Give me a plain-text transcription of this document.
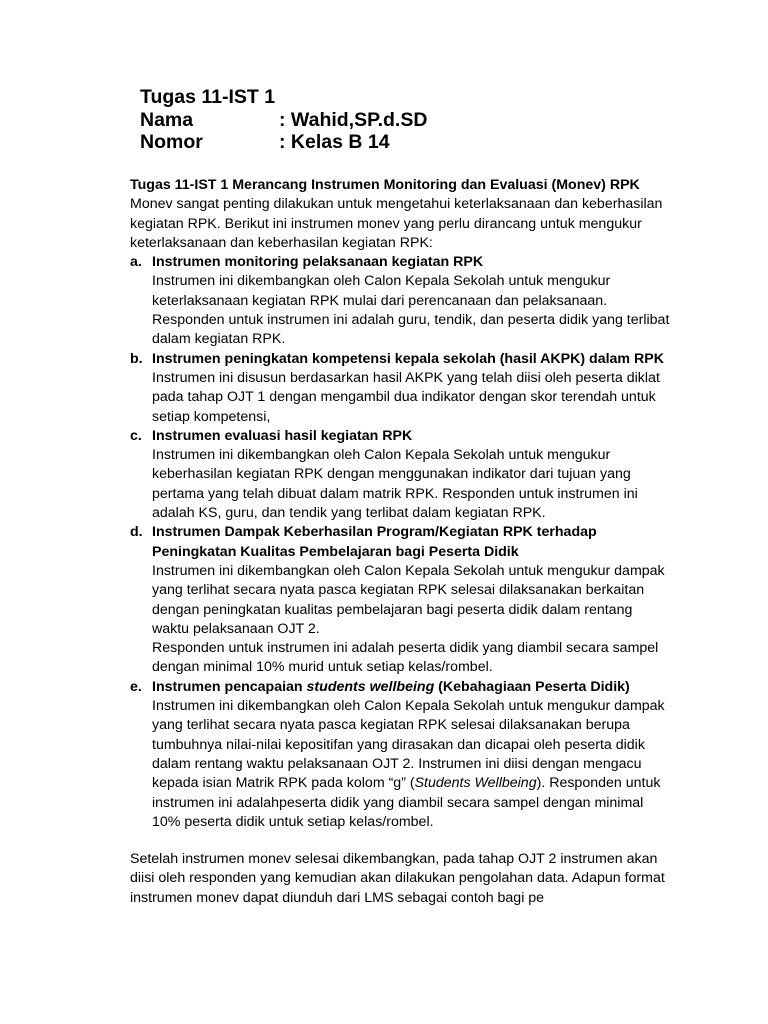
Tugas 11-IST 1
Nama	: Wahid,SP.d.SD
Nomor	: Kelas B 14

Tugas 11-IST 1 Merancang Instrumen Monitoring dan Evaluasi (Monev) RPK

Monev sangat penting dilakukan untuk mengetahui keterlaksanaan dan keberhasilan kegiatan RPK. Berikut ini instrumen monev yang perlu dirancang untuk mengukur keterlaksanaan dan keberhasilan kegiatan RPK:

a. Instrumen monitoring pelaksanaan kegiatan RPK
Instrumen ini dikembangkan oleh Calon Kepala Sekolah untuk mengukur keterlaksanaan kegiatan RPK mulai dari perencanaan dan pelaksanaan. Responden untuk instrumen ini adalah guru, tendik, dan peserta didik yang terlibat dalam kegiatan RPK.
b. Instrumen peningkatan kompetensi kepala sekolah (hasil AKPK) dalam RPK
Instrumen ini disusun berdasarkan hasil AKPK yang telah diisi oleh peserta diklat pada tahap OJT 1 dengan mengambil dua indikator dengan skor terendah untuk setiap kompetensi,
c. Instrumen evaluasi hasil kegiatan RPK
Instrumen ini dikembangkan oleh Calon Kepala Sekolah untuk mengukur keberhasilan kegiatan RPK dengan menggunakan indikator dari tujuan yang pertama yang telah dibuat dalam matrik RPK. Responden untuk instrumen ini adalah KS, guru, dan tendik yang terlibat dalam kegiatan RPK.
d. Instrumen Dampak Keberhasilan Program/Kegiatan RPK terhadap Peningkatan Kualitas Pembelajaran bagi Peserta Didik
Instrumen ini dikembangkan oleh Calon Kepala Sekolah untuk mengukur dampak yang terlihat secara nyata pasca kegiatan RPK selesai dilaksanakan berkaitan dengan peningkatan kualitas pembelajaran bagi peserta didik dalam rentang waktu pelaksanaan OJT 2.
Responden untuk instrumen ini adalah peserta didik yang diambil secara sampel dengan minimal 10% murid untuk setiap kelas/rombel.
e. Instrumen pencapaian students wellbeing (Kebahagiaan Peserta Didik)
Instrumen ini dikembangkan oleh Calon Kepala Sekolah untuk mengukur dampak yang terlihat secara nyata pasca kegiatan RPK selesai dilaksanakan berupa tumbuhnya nilai-nilai kepositifan yang dirasakan dan dicapai oleh peserta didik dalam rentang waktu pelaksanaan OJT 2. Instrumen ini diisi dengan mengacu kepada isian Matrik RPK pada kolom “g” (Students Wellbeing). Responden untuk instrumen ini adalahpeserta didik yang diambil secara sampel dengan minimal 10% peserta didik untuk setiap kelas/rombel.

Setelah instrumen monev selesai dikembangkan, pada tahap OJT 2 instrumen akan diisi oleh responden yang kemudian akan dilakukan pengolahan data. Adapun format instrumen monev dapat diunduh dari LMS sebagai contoh bagi pe
